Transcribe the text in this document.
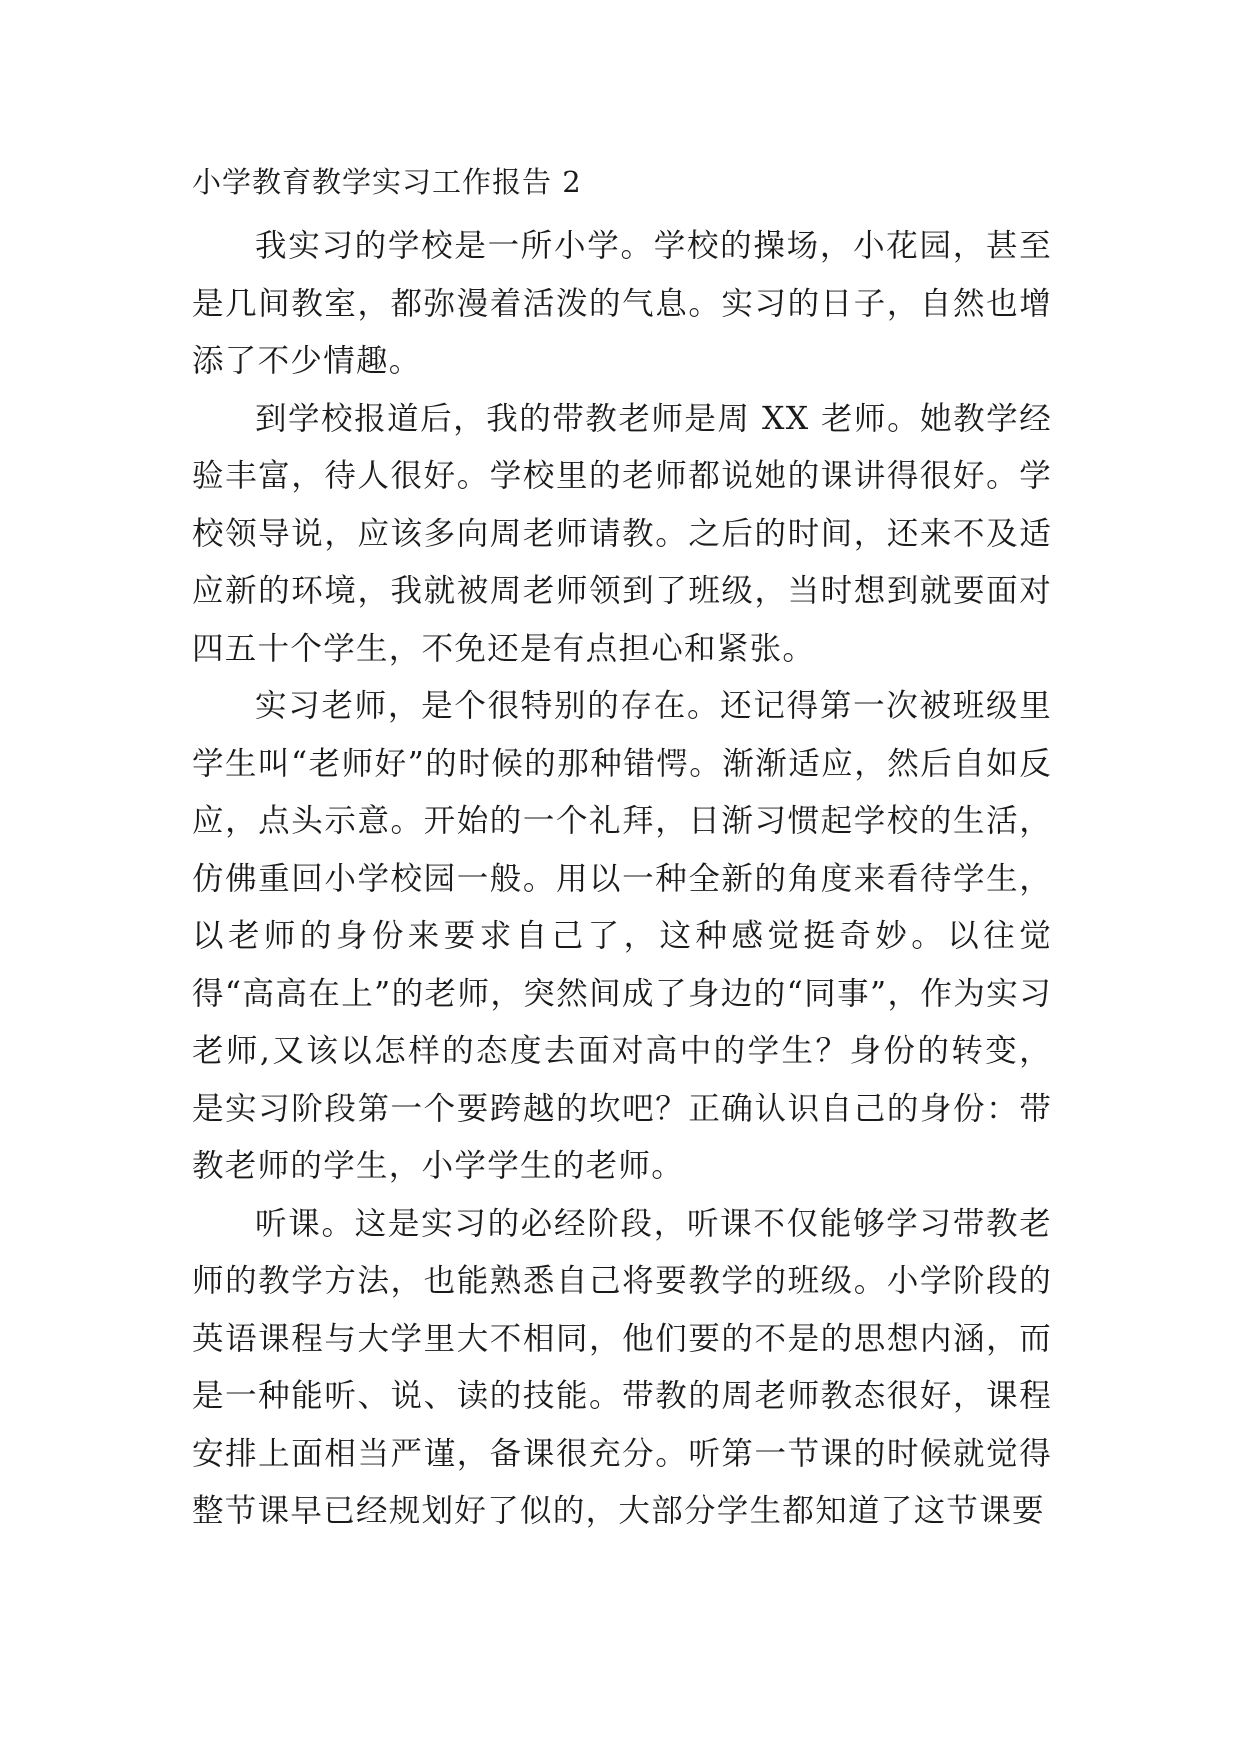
小学教育教学实习工作报告 2

我实习的学校是一所小学。学校的操场，小花园，甚至是几间教室，都弥漫着活泼的气息。实习的日子，自然也增添了不少情趣。

到学校报道后，我的带教老师是周 XX 老师。她教学经验丰富，待人很好。学校里的老师都说她的课讲得很好。学校领导说，应该多向周老师请教。之后的时间，还来不及适应新的环境，我就被周老师领到了班级，当时想到就要面对四五十个学生，不免还是有点担心和紧张。

实习老师，是个很特别的存在。还记得第一次被班级里学生叫“老师好”的时候的那种错愕。渐渐适应，然后自如反应，点头示意。开始的一个礼拜，日渐习惯起学校的生活，仿佛重回小学校园一般。用以一种全新的角度来看待学生，以老师的身份来要求自己了，这种感觉挺奇妙。以往觉得“高高在上”的老师，突然间成了身边的“同事”，作为实习老师,又该以怎样的态度去面对高中的学生？身份的转变，是实习阶段第一个要跨越的坎吧？正确认识自己的身份：带教老师的学生，小学学生的老师。

听课。这是实习的必经阶段，听课不仅能够学习带教老师的教学方法，也能熟悉自己将要教学的班级。小学阶段的英语课程与大学里大不相同，他们要的不是的思想内涵，而是一种能听、说、读的技能。带教的周老师教态很好，课程安排上面相当严谨，备课很充分。听第一节课的时候就觉得整节课早已经规划好了似的，大部分学生都知道了这节课要
